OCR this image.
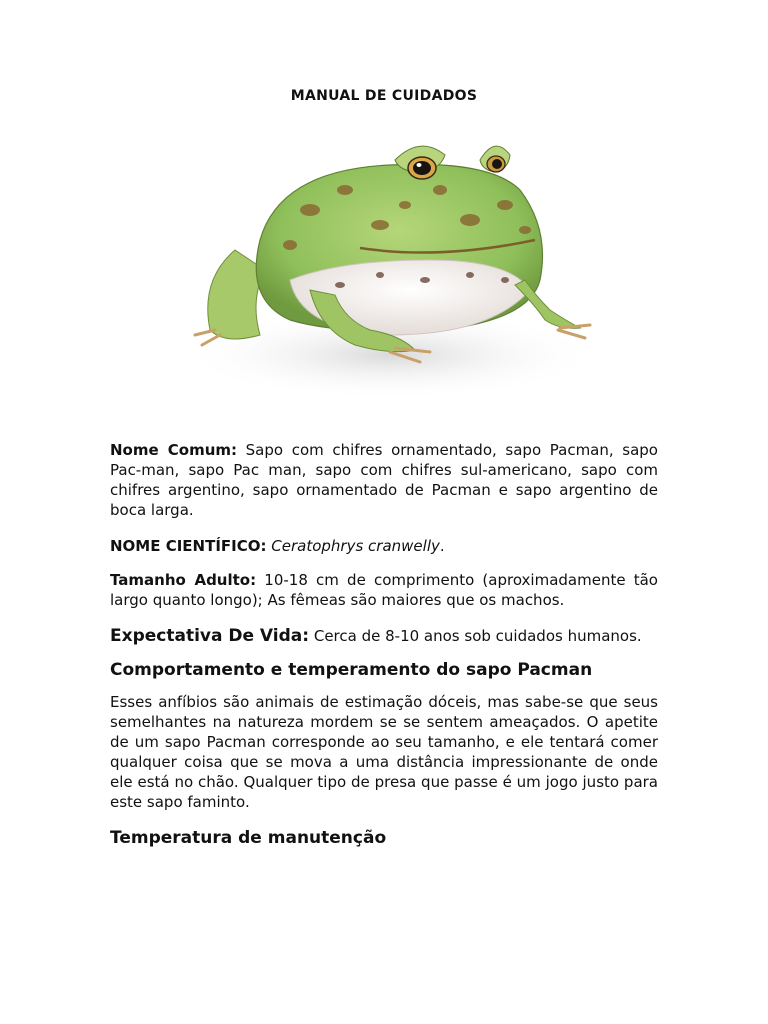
MANUAL DE CUIDADOS

Nome Comum: Sapo com chifres ornamentado, sapo Pacman, sapo Pac-man, sapo Pac man, sapo com chifres sul-americano, sapo com chifres argentino, sapo ornamentado de Pacman e sapo argentino de boca larga.

NOME CIENTÍFICO: Ceratophrys cranwelly.

Tamanho Adulto: 10-18 cm de comprimento (aproximadamente tão largo quanto longo); As fêmeas são maiores que os machos.

Expectativa De Vida: Cerca de 8-10 anos sob cuidados humanos.

Comportamento e temperamento do sapo Pacman

Esses anfíbios são animais de estimação dóceis, mas sabe-se que seus semelhantes na natureza mordem se se sentem ameaçados. O apetite de um sapo Pacman corresponde ao seu tamanho, e ele tentará comer qualquer coisa que se mova a uma distância impressionante de onde ele está no chão. Qualquer tipo de presa que passe é um jogo justo para este sapo faminto.

Temperatura de manutenção
